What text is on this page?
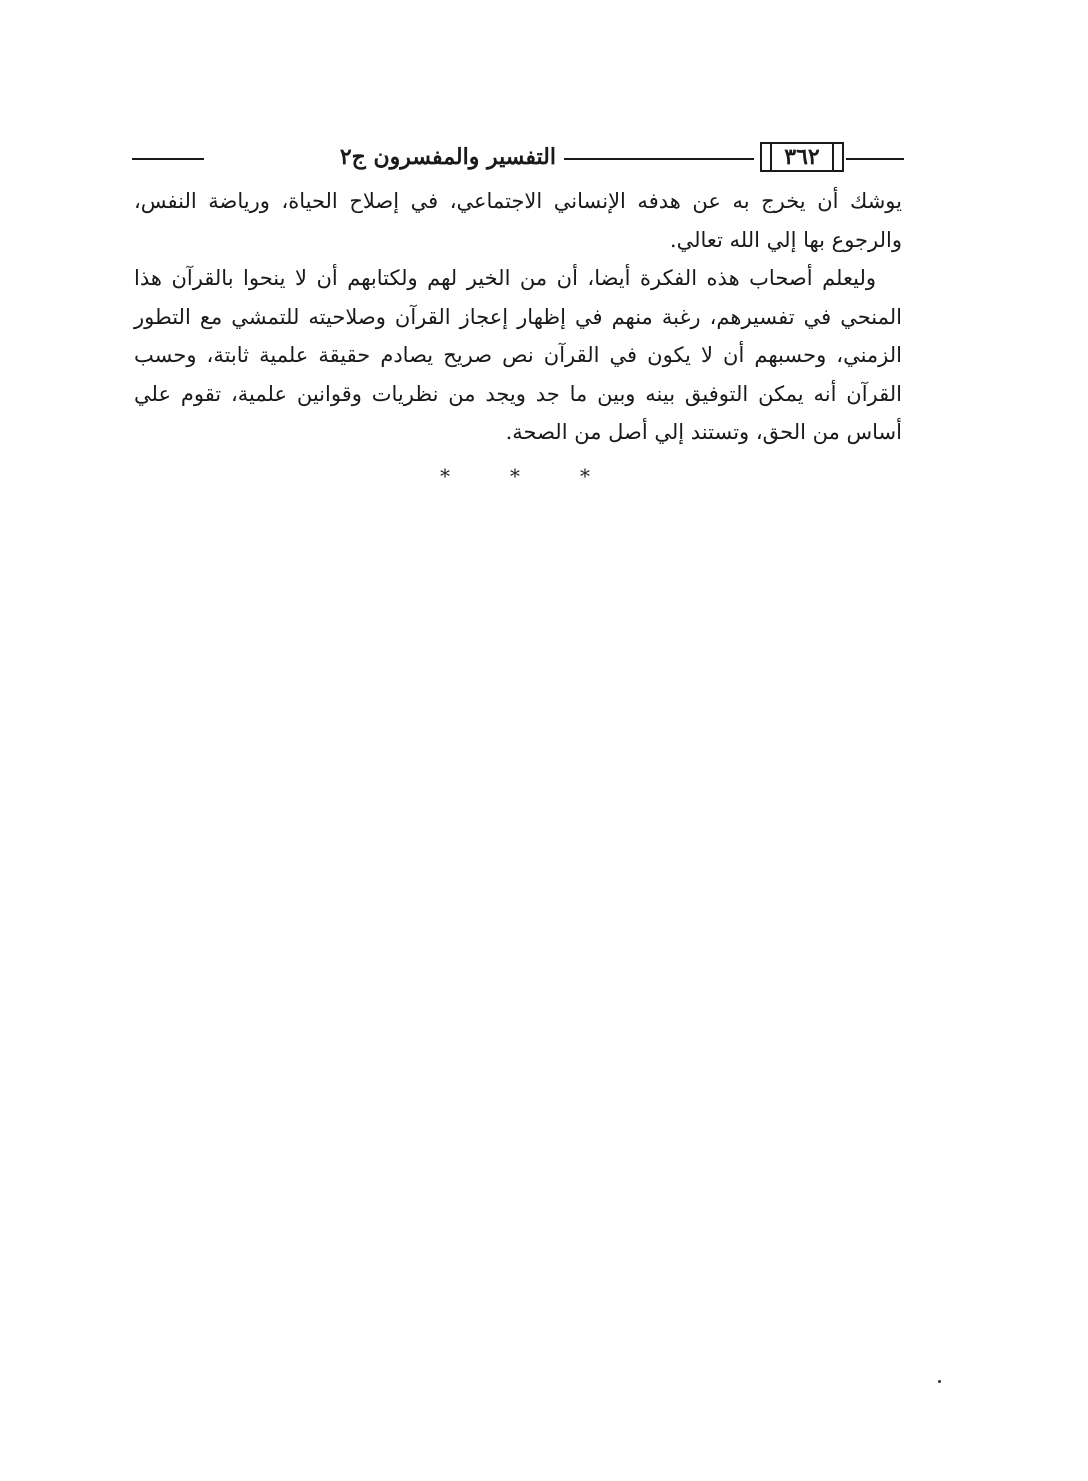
٣٦٢
التفسير والمفسرون ج٢

يوشك أن يخرج به عن هدفه الإنساني الاجتماعي، في إصلاح الحياة، ورياضة النفس، والرجوع بها إلي الله تعالي.

وليعلم أصحاب هذه الفكرة أيضا، أن من الخير لهم ولكتابهم أن لا ينحوا بالقرآن هذا المنحي في تفسيرهم، رغبة منهم في إظهار إعجاز القرآن وصلاحيته للتمشي مع التطور الزمني، وحسبهم أن لا يكون في القرآن نص صريح يصادم حقيقة علمية ثابتة، وحسب القرآن أنه يمكن التوفيق بينه وبين ما جد ويجد من نظريات وقوانين علمية، تقوم علي أساس من الحق، وتستند إلي أصل من الصحة.

*
*
*
